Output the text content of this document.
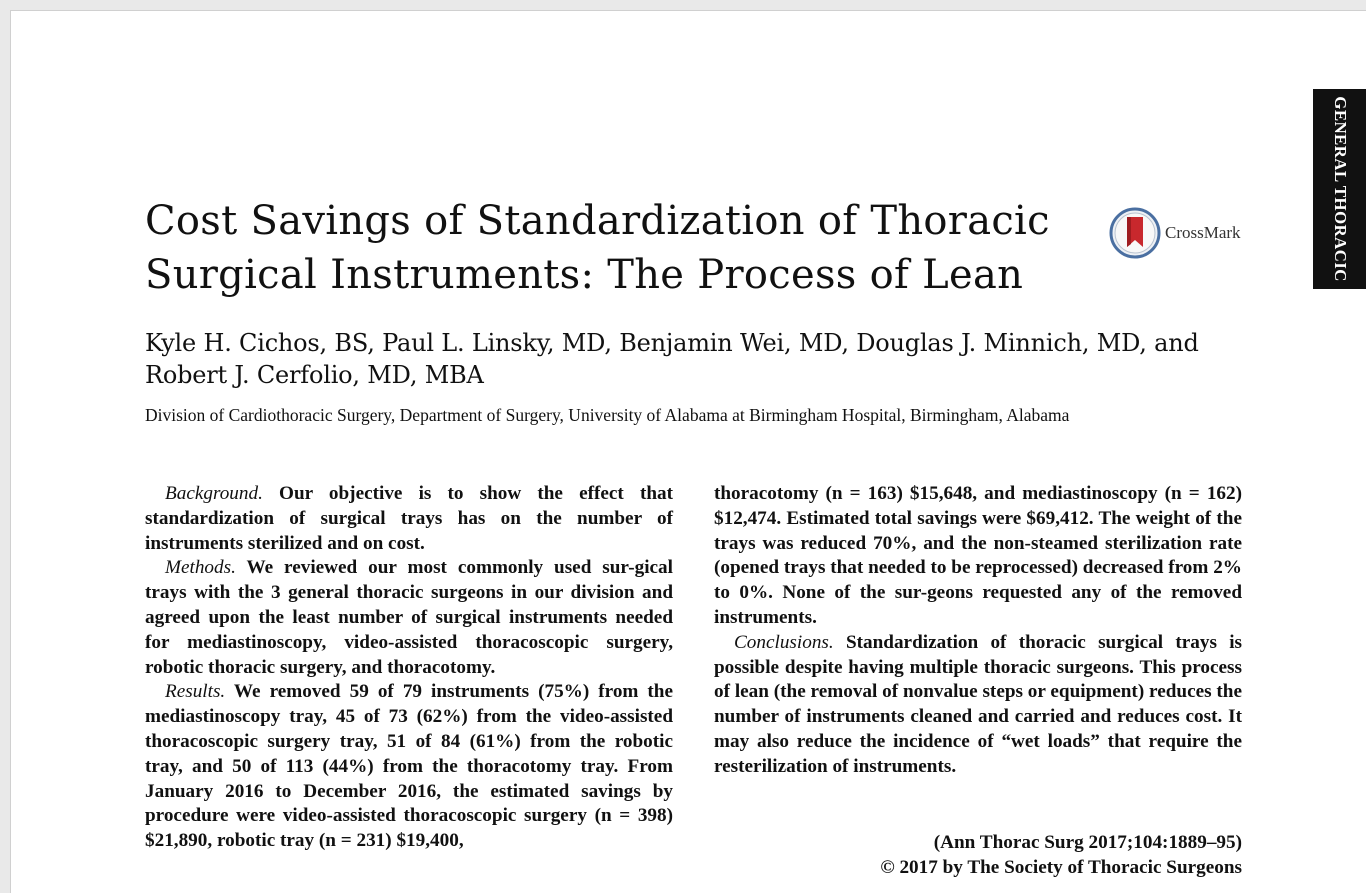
GENERAL THORACIC
Cost Savings of Standardization of Thoracic Surgical Instruments: The Process of Lean
CrossMark
Kyle H. Cichos, BS, Paul L. Linsky, MD, Benjamin Wei, MD, Douglas J. Minnich, MD, and Robert J. Cerfolio, MD, MBA
Division of Cardiothoracic Surgery, Department of Surgery, University of Alabama at Birmingham Hospital, Birmingham, Alabama

Background. Our objective is to show the effect that standardization of surgical trays has on the number of instruments sterilized and on cost.

Methods. We reviewed our most commonly used sur-gical trays with the 3 general thoracic surgeons in our division and agreed upon the least number of surgical instruments needed for mediastinoscopy, video-assisted thoracoscopic surgery, robotic thoracic surgery, and thoracotomy.

Results. We removed 59 of 79 instruments (75%) from the mediastinoscopy tray, 45 of 73 (62%) from the video-assisted thoracoscopic surgery tray, 51 of 84 (61%) from the robotic tray, and 50 of 113 (44%) from the thoracotomy tray. From January 2016 to December 2016, the estimated savings by procedure were video-assisted thoracoscopic surgery (n = 398) $21,890, robotic tray (n = 231) $19,400,

thoracotomy (n = 163) $15,648, and mediastinoscopy (n = 162) $12,474. Estimated total savings were $69,412. The weight of the trays was reduced 70%, and the non-steamed sterilization rate (opened trays that needed to be reprocessed) decreased from 2% to 0%. None of the sur-geons requested any of the removed instruments.

Conclusions. Standardization of thoracic surgical trays is possible despite having multiple thoracic surgeons. This process of lean (the removal of nonvalue steps or equipment) reduces the number of instruments cleaned and carried and reduces cost. It may also reduce the incidence of “wet loads” that require the resterilization of instruments.

(Ann Thorac Surg 2017;104:1889–95)
© 2017 by The Society of Thoracic Surgeons
